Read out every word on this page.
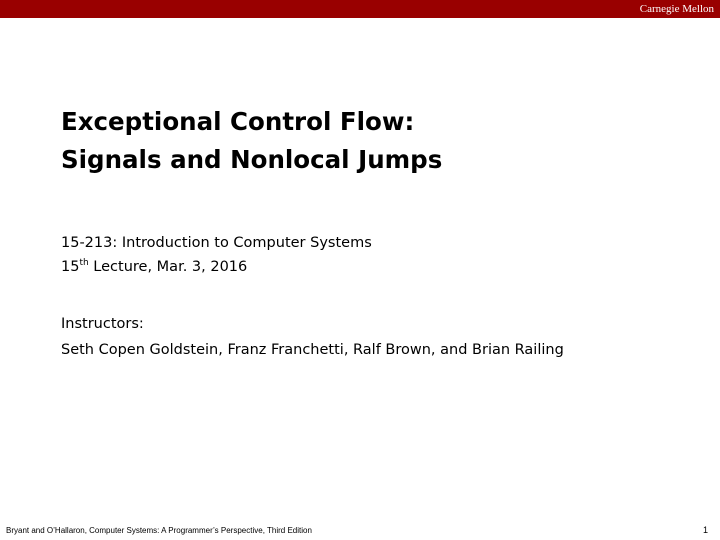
Carnegie Mellon
Exceptional Control Flow:
Signals and Nonlocal Jumps
15-213: Introduction to Computer Systems
15th Lecture, Mar. 3, 2016
Instructors:
Seth Copen Goldstein, Franz Franchetti, Ralf Brown, and Brian Railing
Bryant and O’Hallaron, Computer Systems: A Programmer’s Perspective, Third Edition	1
